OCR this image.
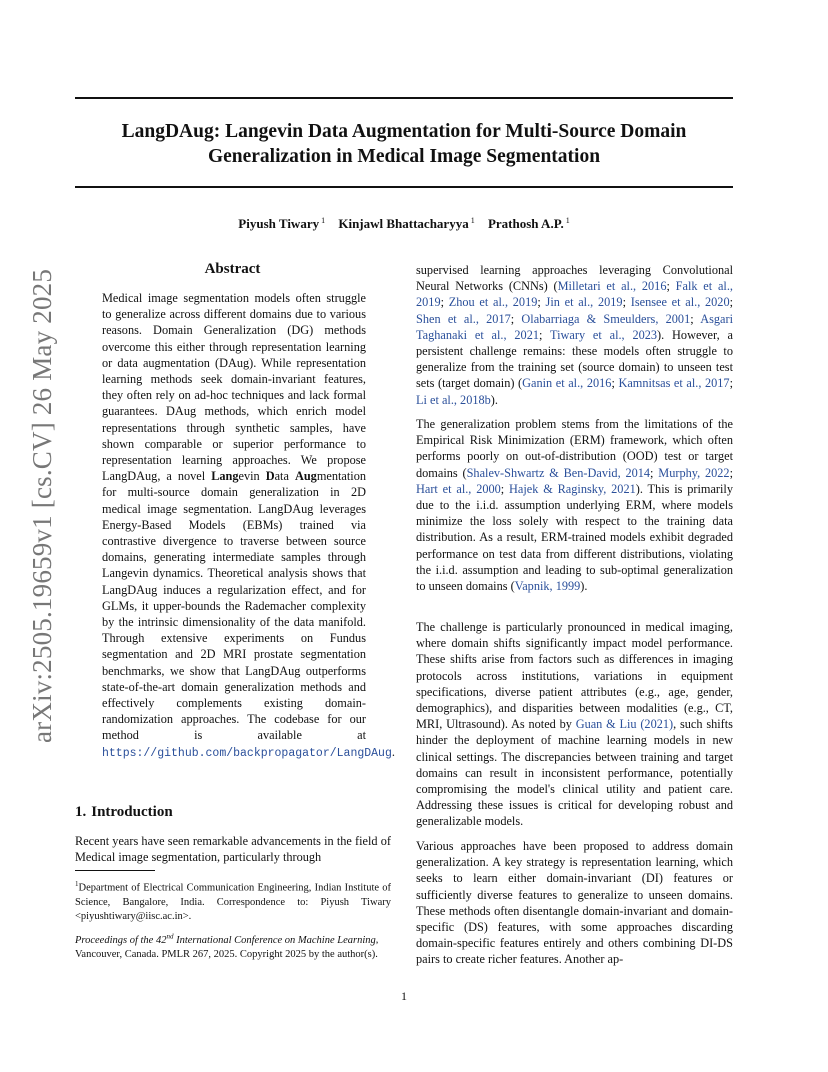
arXiv:2505.19659v1 [cs.CV] 26 May 2025
LangDAug: Langevin Data Augmentation for Multi-Source Domain
Generalization in Medical Image Segmentation
Piyush Tiwary $^1$ Kinjawl Bhattacharyya $^1$ Prathosh A.P. $^1$
Abstract

Medical image segmentation models often struggle to generalize across different domains due to various reasons. Domain Generalization (DG) methods overcome this either through representation learning or data augmentation (DAug). While representation learning methods seek domain-invariant features, they often rely on ad-hoc techniques and lack formal guarantees. DAug methods, which enrich model representations through synthetic samples, have shown comparable or superior performance to representation learning approaches. We propose LangDAug, a novel Langevin Data Augmentation for multi-source domain generalization in 2D medical image segmentation. LangDAug leverages Energy-Based Models (EBMs) trained via contrastive divergence to traverse between source domains, generating intermediate samples through Langevin dynamics. Theoretical analysis shows that LangDAug induces a regularization effect, and for GLMs, it upper-bounds the Rademacher complexity by the intrinsic dimensionality of the data manifold. Through extensive experiments on Fundus segmentation and 2D MRI prostate segmentation benchmarks, we show that LangDAug outperforms state-of-the-art domain generalization methods and effectively complements existing domain-randomization approaches. The codebase for our method is available at https://github.com/backpropagator/LangDAug.

1. Introduction

Recent years have seen remarkable advancements in the field of Medical image segmentation, particularly through

$^1$Department of Electrical Communication Engineering, Indian Institute of Science, Bangalore, India. Correspondence to: Piyush Tiwary <piyushtiwary@iisc.ac.in>.

Proceedings of the 42nd International Conference on Machine Learning, Vancouver, Canada. PMLR 267, 2025. Copyright 2025 by the author(s).

supervised learning approaches leveraging Convolutional Neural Networks (CNNs) (Milletari et al., 2016; Falk et al., 2019; Zhou et al., 2019; Jin et al., 2019; Isensee et al., 2020; Shen et al., 2017; Olabarriaga & Smeulders, 2001; Asgari Taghanaki et al., 2021; Tiwary et al., 2023). However, a persistent challenge remains: these models often struggle to generalize from the training set (source domain) to unseen test sets (target domain) (Ganin et al., 2016; Kamnitsas et al., 2017; Li et al., 2018b).

The generalization problem stems from the limitations of the Empirical Risk Minimization (ERM) framework, which often performs poorly on out-of-distribution (OOD) test or target domains (Shalev-Shwartz & Ben-David, 2014; Murphy, 2022; Hart et al., 2000; Hajek & Raginsky, 2021). This is primarily due to the i.i.d. assumption underlying ERM, where models minimize the loss solely with respect to the training data distribution. As a result, ERM-trained models exhibit degraded performance on test data from different distributions, violating the i.i.d. assumption and leading to sub-optimal generalization to unseen domains (Vapnik, 1999).

The challenge is particularly pronounced in medical imaging, where domain shifts significantly impact model performance. These shifts arise from factors such as differences in imaging protocols across institutions, variations in equipment specifications, diverse patient attributes (e.g., age, gender, demographics), and disparities between modalities (e.g., CT, MRI, Ultrasound). As noted by Guan & Liu (2021), such shifts hinder the deployment of machine learning models in new clinical settings. The discrepancies between training and target domains can result in inconsistent performance, potentially compromising the model's clinical utility and patient care. Addressing these issues is critical for developing robust and generalizable models.

Various approaches have been proposed to address domain generalization. A key strategy is representation learning, which seeks to learn either domain-invariant (DI) features or sufficiently diverse features to generalize to unseen domains. These methods often disentangle domain-invariant and domain-specific (DS) features, with some approaches discarding domain-specific features entirely and others combining DI-DS pairs to create richer features. Another ap-

1
